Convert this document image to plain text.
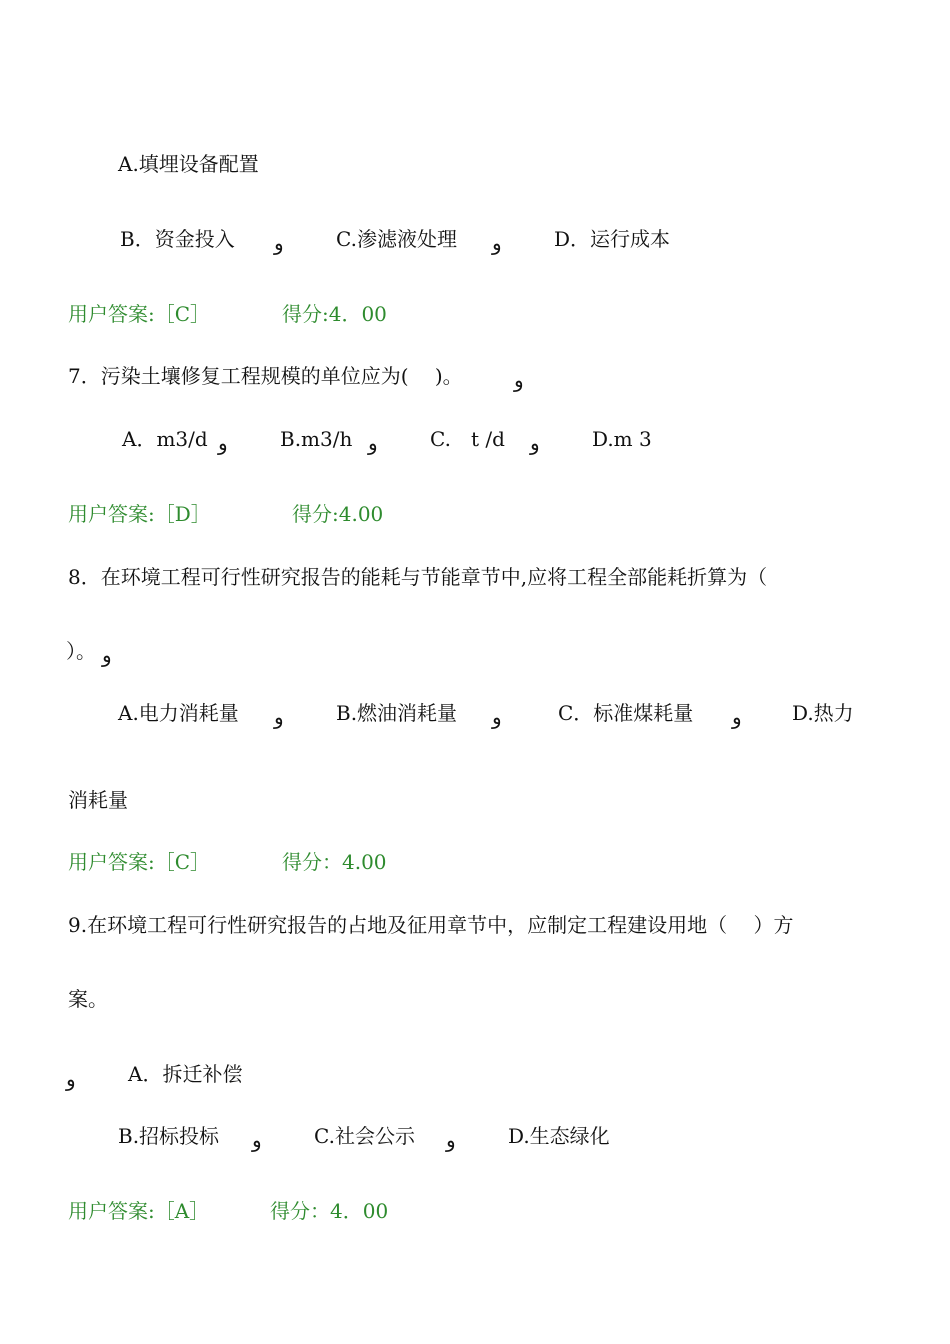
A.填埋设备配置
B．资金投入 و	C.渗滤液处理 و	D．运行成本
用户答案:［C］	得分:4．00
7．污染土壤修复工程规模的单位应为(　 )。	و
A．m3/d و	B.m3/h و	C.　t /d و	D.m 3
用户答案:［D］	得分:4.00
8．在环境工程可行性研究报告的能耗与节能章节中,应将工程全部能耗折算为（
）。 و
A.电力消耗量 و	B.燃油消耗量 و	C．标准煤耗量 و	D.热力
消耗量
用户答案:［C］	得分：4.00
9.在环境工程可行性研究报告的占地及征用章节中，应制定工程建设用地（　 ）方
案。
و	A．拆迁补偿
B.招标投标 و	C.社会公示 و	D.生态绿化
用户答案:［A］	得分：4．00
